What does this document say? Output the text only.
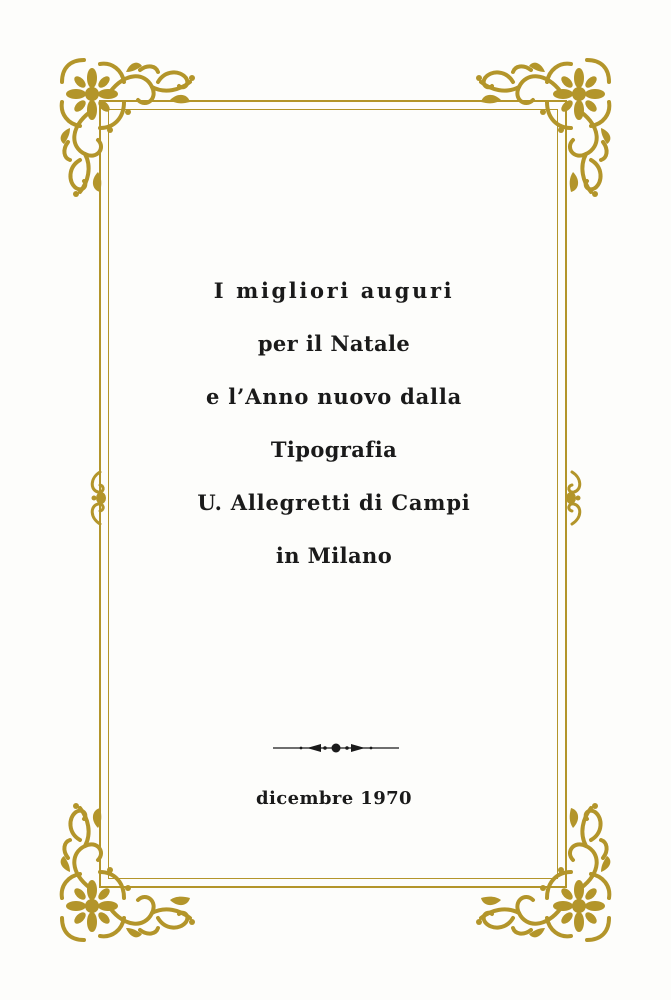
I migliori auguri

per il Natale

e l’Anno nuovo dalla

Tipografia

U. Allegretti di Campi

in Milano

dicembre 1970
